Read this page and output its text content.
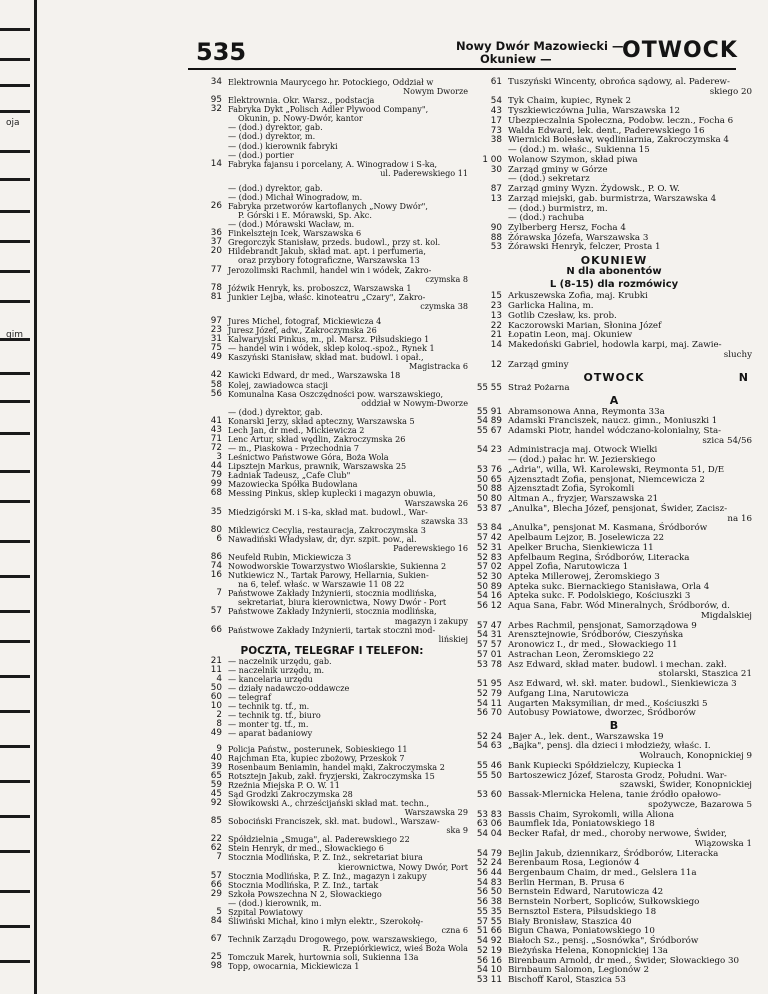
oja
gim
535	Nowy Dwór Mazowiecki —
Okuniew —	OTWOCK
34 Elektrownia Maurycego hr. Potockiego, Oddział w
Nowym Dworze
95 Elektrownia. Okr. Warsz., podstacja
32 Fabryka Dykt „Polisch Adler Plywood Company",
Okunin, p. Nowy-Dwór, kantor
— (dod.) dyrektor, gab.
— (dod.) dyrektor, m.
— (dod.) kierownik fabryki
— (dod.) portier
14 Fabryka fajansu i porcelany, A. Winogradow i S-ka,
ul. Paderewskiego 11
— (dod.) dyrektor, gab.
— (dod.) Michał Winogradow, m.
26 Fabryka przetworów kartoflanych „Nowy Dwór",
P. Górski i E. Mórawski, Sp. Akc.
— (dod.) Mórawski Wacław, m.
36 Finkelsztejn Icek, Warszawska 6
37 Gregorczyk Stanisław, przeds. budowl., przy st. kol.
20 Hildebrandt Jakub, skład mat. apt. i perfumeria,
oraz przybory fotograficzne, Warszawska 13
77 Jerozolimski Rachmil, handel win i wódek, Zakro-
czymska 8
78 Jóźwik Henryk, ks. proboszcz, Warszawska 1
81 Junkier Lejba, właśc. kinoteatru „Czary", Zakro-
czymska 38
97 Jures Michel, fotograf, Mickiewicza 4
23 Juresz Józef, adw., Zakroczymska 26
31 Kalwaryjski Pinkus, m., pl. Marsz. Piłsudskiego 1
75 — handel win i wódek, sklep koloq.-spoż., Rynek 1
49 Kaszyński Stanisław, skład mat. budowl. i opał.,
Magistracka 6
42 Kawicki Edward, dr med., Warszawska 18
58 Kolej, zawiadowca stacji
56 Komunalna Kasa Oszczędności pow. warszawskiego,
oddział w Nowym-Dworze
— (dod.) dyrektor, gab.
41 Konarski Jerzy, skład apteczny, Warszawska 5
43 Lech Jan, dr med., Mickiewicza 2
71 Lenc Artur, skład wędlin, Zakroczymska 26
72 — m., Piaskowa - Przechodnia 7
3 Leśnictwo Państwowe Góra, Boża Wola
44 Lipsztejn Markus, prawnik, Warszawska 25
79 Ładniak Tadeusz, „Cafe Club"
99 Mazowiecka Spółka Budowlana
68 Messing Pinkus, sklep kuplecki i magazyn obuwia,
Warszawska 26
35 Miedzigórski M. i S-ka, skład mat. budowl., War-
szawska 33
80 Miklewicz Cecylia, restauracja, Zakroczymska 3
6 Nawadiński Władysław, dr, dyr. szpit. pow., al.
Paderewskiego 16
86 Neufeld Rubin, Mickiewicza 3
74 Nowodworskie Towarzystwo Wioślarskie, Sukienna 2
16 Nutkiewicz N., Tartak Parowy, Hellarnia, Sukien-
na 6, telef. właśc. w Warszawie 11 08 22
7 Państwowe Zakłady Inżynierii, stocznia modlińska,
sekretariat, biura kierownictwa, Nowy Dwór - Port
57 Państwowe Zakłady Inżynierii, stocznia modlińska,
magazyn i zakupy
66 Państwowe Zakłady Inżynierii, tartak stoczni mod-
lińskiej
POCZTA, TELEGRAF I TELEFON:
21 — naczelnik urzędu, gab.
11 — naczelnik urzędu, m.
4 — kancelaria urzędu
50 — działy nadawczo-oddawcze
60 — telegraf
10 — technik tg. tf., m.
2 — technik tg. tf., biuro
8 — monter tg. tf., m.
49 — aparat badaniowy
9 Policja Państw., posterunek, Sobieskiego 11
40 Rajchman Eta, kupiec zbożowy, Przeskok 7
39 Rosenbaum Beniamin, handel mąki, Zakroczymska 2
65 Rotsztejn Jakub, zakł. fryzjerski, Zakroczymska 15
59 Rzeźnia Miejska P. O. W. 11
45 Sąd Grodzki Zakroczymska 28
92 Słowikowski A., chrześcijański skład mat. techn.,
Warszawska 29
85 Sobociński Franciszek, skł. mat. budowl., Warszaw-
ska 9
22 Spółdzielnia „Smuga", al. Paderewskiego 22
62 Stein Henryk, dr med., Słowackiego 6
7 Stocznia Modlińska, P. Z. Inż., sekretariat biura
kierownictwa, Nowy Dwór, Port
57 Stocznia Modlińska, P. Z. Inż., magazyn i zakupy
66 Stocznia Modlińska, P. Z. Inż., tartak
29 Szkoła Powszechna N 2, Słowackiego
— (dod.) kierownik, m.
5 Szpital Powiatowy
84 Śliwiński Michał, kino i młyn elektr., Szerokołę-
czna 6
67 Technik Zarządu Drogowego, pow. warszawskiego,
R. Przepiórkiewicz, wieś Boża Wola
25 Tomczuk Marek, hurtownia soli, Sukienna 13a
98 Topp, owocarnia, Mickiewicza 1
61 Tuszyński Wincenty, obrońca sądowy, al. Paderew-
skiego 20
54 Tyk Chaim, kupiec, Rynek 2
43 Tyszkiewiczówna Julia, Warszawska 12
17 Ubezpieczalnia Społeczna, Podobw. leczn., Focha 6
73 Walda Edward, lek. dent., Paderewskiego 16
38 Wiernicki Bolesław, wędliniarnia, Zakroczymska 4
— (dod.) m. właśc., Sukienna 15
1 00 Wolanow Szymon, skład piwa
30 Zarząd gminy w Górze
— (dod.) sekretarz
87 Zarząd gminy Wyzn. Żydowsk., P. O. W.
13 Zarząd miejski, gab. burmistrza, Warszawska 4
— (dod.) burmistrz, m.
— (dod.) rachuba
90 Zylberberg Hersz, Focha 4
88 Żórawska Józefa, Warszawska 3
53 Żórawski Henryk, felczer, Prosta 1
OKUNIEW
N dla abonentów
L (8-15) dla rozmówicy
15 Arkuszewska Zofia, maj. Krubki
23 Garlicka Halina, m.
13 Gotlib Czesław, ks. prob.
22 Kaczorowski Marian, Słonina Józef
21 Łopatin Leon, maj. Okuniew
14 Makedoński Gabriel, hodowla karpi, maj. Zawie-
sluchy
12 Zarząd gminy
OTWOCK	N
55 55 Straż Pożarna
A
55 91 Abramsonowa Anna, Reymonta 33a
54 89 Adamski Franciszek, naucz. gimn., Moniuszki 1
55 67 Adamski Piotr, handel wódczano-kolonialny, Sta-
szica 54/56
54 23 Administracja maj. Otwock Wielki
— (dod.) pałac hr. W. Jezierskiego
53 76 „Adria", willa, Wł. Karolewski, Reymonta 51, D/E
50 65 Ajzensztadt Zofia, pensjonat, Niemcewicza 2
50 88 Ajzensztadt Zofia, Syrokomli
50 80 Altman A., fryzjer, Warszawska 21
53 87 „Anulka", Blecha Józef, pensjonat, Świder, Zacisz-
na 16
53 84 „Anulka", pensjonat M. Kasmana, Śródborów
57 42 Apelbaum Lejzor, B. Joselewicza 22
52 31 Apelker Brucha, Sienkiewicza 11
52 83 Apfelbaum Regina, Śródborów, Literacka
57 02 Appel Zofia, Narutowicza 1
52 30 Apteka Millerowej, Żeromskiego 3
50 89 Apteka sukc. Biernackiego Stanisława, Orla 4
54 16 Apteka sukc. F. Podolskiego, Kościuszki 3
56 12 Aqua Sana, Fabr. Wód Mineralnych, Śródborów, d.
Migdalskiej
57 47 Arbes Rachmil, pensjonat, Samorządowa 9
54 31 Arensztejnowie, Śródborów, Cieszyńska
57 57 Aronowicz I., dr med., Słowackiego 11
57 01 Astrachan Leon, Żeromskiego 22
53 78 Asz Edward, skład mater. budowl. i mechan. zakł.
stolarski, Staszica 21
51 95 Asz Edward, wł. skł. mater. budowl., Sienkiewicza 3
52 79 Aufgang Lina, Narutowicza
54 11 Augarten Maksymilian, dr med., Kościuszki 5
56 70 Autobusy Powiatowe, dworzec, Śródborów
B
52 24 Bajer A., lek. dent., Warszawska 19
54 63 „Bajka", pensj. dla dzieci i młodzieży, właśc. I.
Wolrauch, Konopnickiej 9
55 46 Bank Kupiecki Spółdzielczy, Kupiecka 1
55 50 Bartoszewicz Józef, Starosta Grodz. Południ. War-
szawski, Świder, Konopnickiej
53 60 Bassak-Mlernicka Helena, tanie źródło opałowo-
spożywcze, Bazarowa 5
53 83 Bassis Chaim, Syrokomli, willa Aliona
63 06 Baumflek Ida, Poniatowskiego 18
54 04 Becker Rafał, dr med., choroby nerwowe, Świder,
Wiązowska 1
54 79 Bejlin Jakub, dziennikarz, Śródborów, Literacka
52 24 Berenbaum Rosa, Legionów 4
56 44 Bergenbaum Chaim, dr med., Gelslera 11a
54 83 Berlin Herman, B. Prusa 6
56 50 Bernstein Edward, Narutowicza 42
56 38 Bernstein Norbert, Sopliców, Sułkowskiego
55 35 Bernsztol Estera, Piłsudskiego 18
57 55 Biały Bronisław, Staszica 40
51 66 Bigun Chawa, Poniatowskiego 10
54 92 Białoch Sz., pensj. „Sosnówka", Śródborów
52 19 Bieżyńska Helena, Konopnickiej 13a
56 16 Birenbaum Arnold, dr med., Świder, Słowackiego 30
54 10 Birnbaum Salomon, Legionów 2
53 11 Bischoff Karol, Staszica 53
